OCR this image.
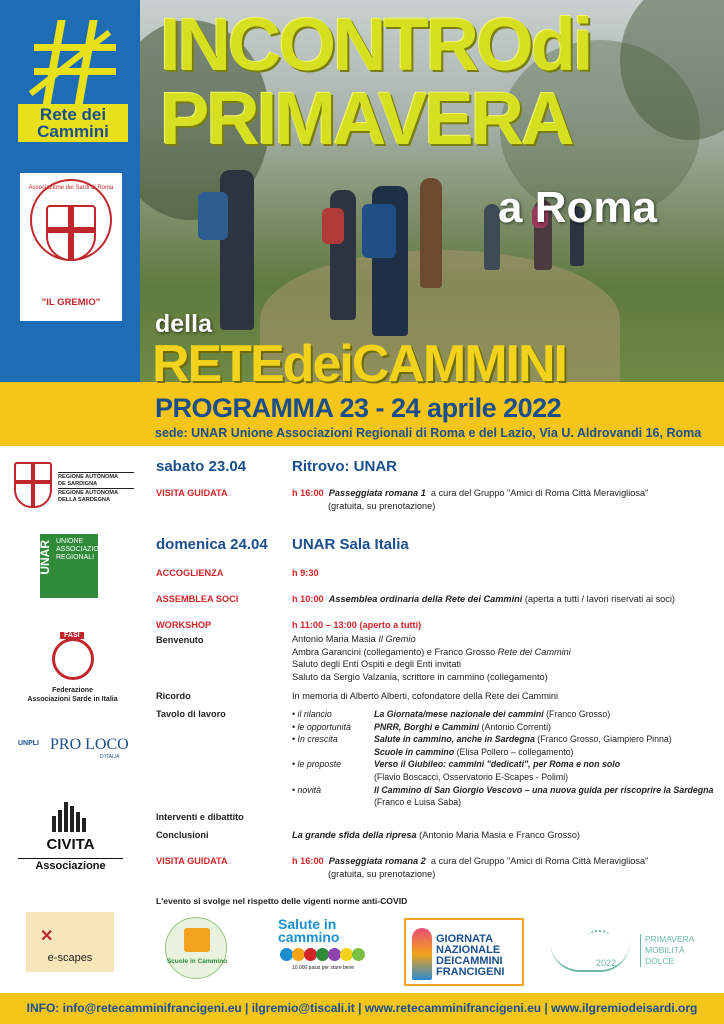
INCONTROdi
PRIMAVERA
a Roma
della
RETEdeiCAMMINI
PROGRAMMA 23 - 24 aprile 2022
sede: UNAR Unione Associazioni Regionali di Roma e del Lazio, Via U. Aldrovandi 16, Roma
Rete dei
Cammini
Associazione dei Sardi di Roma
"IL GREMIO"
REGIONE AUTÒNOMA
DE SARDIGNA
REGIONE AUTONOMA
DELLA SARDEGNA
UNAR UNIONE ASSOCIAZIONI REGIONALI
FASI
Federazione
Associazioni Sarde in Italia
UNPLI PRO LOCO
D'ITALIA
CIVITA
Associazione
✕
e-scapes
sabato 23.04	Ritrovo: UNAR
VISITA GUIDATA	h 16:00 Passeggiata romana 1 a cura del Gruppo "Amici di Roma Città Meravigliosa"
(gratuita, su prenotazione)
domenica 24.04 UNAR Sala Italia
ACCOGLIENZA	h 9:30
ASSEMBLEA SOCI	h 10:00 Assemblea ordinaria della Rete dei Cammini (aperta a tutti / lavori riservati ai soci)
WORKSHOP	h 11:00 – 13:00 (aperto a tutti)
Benvenuto	Antonio Maria Masia Il Gremio
Ambra Garancini (collegamento) e Franco Grosso Rete dei Cammini
Saluto degli Enti Ospiti e degli Enti invitati
Saluto da Sergio Valzania, scrittore in cammino (collegamento)
Ricordo	In memoria di Alberto Alberti, cofondatore della Rete dei Cammini
Tavolo di lavoro	• il rilancio	La Giornata/mese nazionale dei cammini (Franco Grosso)
• le opportunità	PNRR, Borghi e Cammini (Antonio Correnti)
• In crescita	Salute in cammino, anche in Sardegna (Franco Grosso, Giampiero Pinna)
Scuole in cammino (Elisa Pollero – collegamento)
• le proposte	Verso il Giubileo: cammini "dedicati", per Roma e non solo
(Flavio Boscacci, Osservatorio E-Scapes - Polimi)
• novità	Il Cammino di San Giorgio Vescovo – una nuova guida per riscoprire la Sardegna
(Franco e Luisa Saba)
Interventi e dibattito
Conclusioni	La grande sfida della ripresa (Antonio Maria Masia e Franco Grosso)
VISITA GUIDATA	h 16:00 Passeggiata romana 2 a cura del Gruppo "Amici di Roma Città Meravigliosa"
(gratuita, su prenotazione)
L'evento si svolge nel rispetto delle vigenti norme anti-COVID
Scuole in Cammino
Salute in
cammino
10.000 passi per stare bene
GIORNATA NAZIONALE DEICAMMINI FRANCIGENI
2022
PRIMAVERA MOBILITÀ DOLCE
INFO: info@retecamminifrancigeni.eu | ilgremio@tiscali.it | www.retecamminifrancigeni.eu | www.ilgremiodeisardi.org
